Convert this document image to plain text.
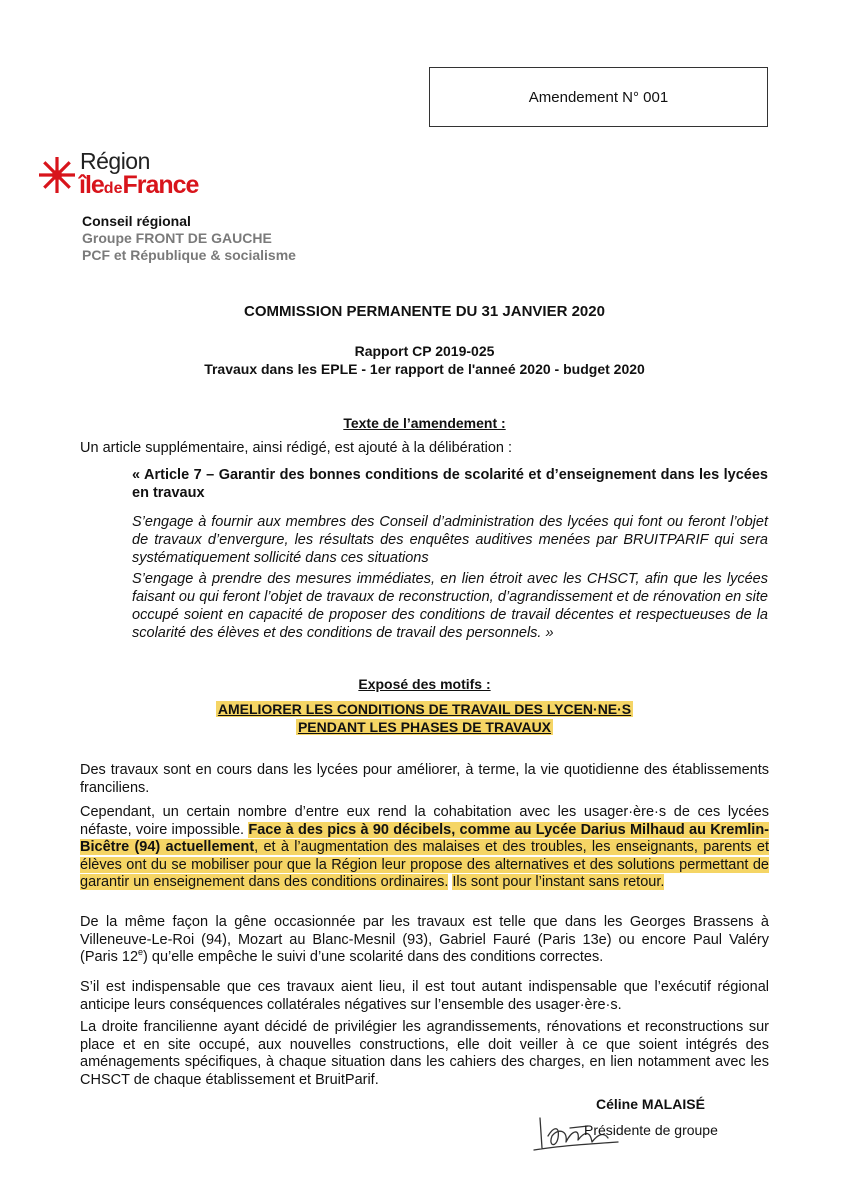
Amendement N° 001
Région
îledeFrance
Conseil régional
Groupe FRONT DE GAUCHE
PCF et République & socialisme
COMMISSION PERMANENTE DU 31 JANVIER 2020
Rapport CP 2019-025
Travaux dans les EPLE - 1er rapport de l'anneé 2020 - budget 2020
Texte de l’amendement :
Un article supplémentaire, ainsi rédigé, est ajouté à la délibération :
« Article 7 – Garantir des bonnes conditions de scolarité et d’enseignement dans les lycées en travaux
S’engage à fournir aux membres des Conseil d’administration des lycées qui font ou feront l’objet de travaux d’envergure, les résultats des enquêtes auditives menées par BRUITPARIF qui sera systématiquement sollicité dans ces situations
S’engage à prendre des mesures immédiates, en lien étroit avec les CHSCT, afin que les lycées faisant ou qui feront l’objet de travaux de reconstruction, d’agrandissement et de rénovation en site occupé soient en capacité de proposer des conditions de travail décentes et respectueuses de la scolarité des élèves et des conditions de travail des personnels. »
Exposé des motifs :
AMELIORER LES CONDITIONS DE TRAVAIL DES LYCEN·NE·S
PENDANT LES PHASES DE TRAVAUX
Des travaux sont en cours dans les lycées pour améliorer, à terme, la vie quotidienne des établissements franciliens.
Cependant, un certain nombre d’entre eux rend la cohabitation avec les usager·ère·s de ces lycées néfaste, voire impossible. Face à des pics à 90 décibels, comme au Lycée Darius Milhaud au Kremlin-Bicêtre (94) actuellement, et à l’augmentation des malaises et des troubles, les enseignants, parents et élèves ont du se mobiliser pour que la Région leur propose des alternatives et des solutions permettant de garantir un enseignement dans des conditions ordinaires. Ils sont pour l’instant sans retour.
De la même façon la gêne occasionnée par les travaux est telle que dans les Georges Brassens à Villeneuve-Le-Roi (94), Mozart au Blanc-Mesnil (93), Gabriel Fauré (Paris 13e) ou encore Paul Valéry (Paris 12e) qu’elle empêche le suivi d’une scolarité dans des conditions correctes.
S’il est indispensable que ces travaux aient lieu, il est tout autant indispensable que l’exécutif régional anticipe leurs conséquences collatérales négatives sur l’ensemble des usager·ère·s.
La droite francilienne ayant décidé de privilégier les agrandissements, rénovations et reconstructions sur place et en site occupé, aux nouvelles constructions, elle doit veiller à ce que soient intégrés des aménagements spécifiques, à chaque situation dans les cahiers des charges, en lien notamment avec les CHSCT de chaque établissement et BruitParif.
Céline MALAISÉ
Présidente de groupe
